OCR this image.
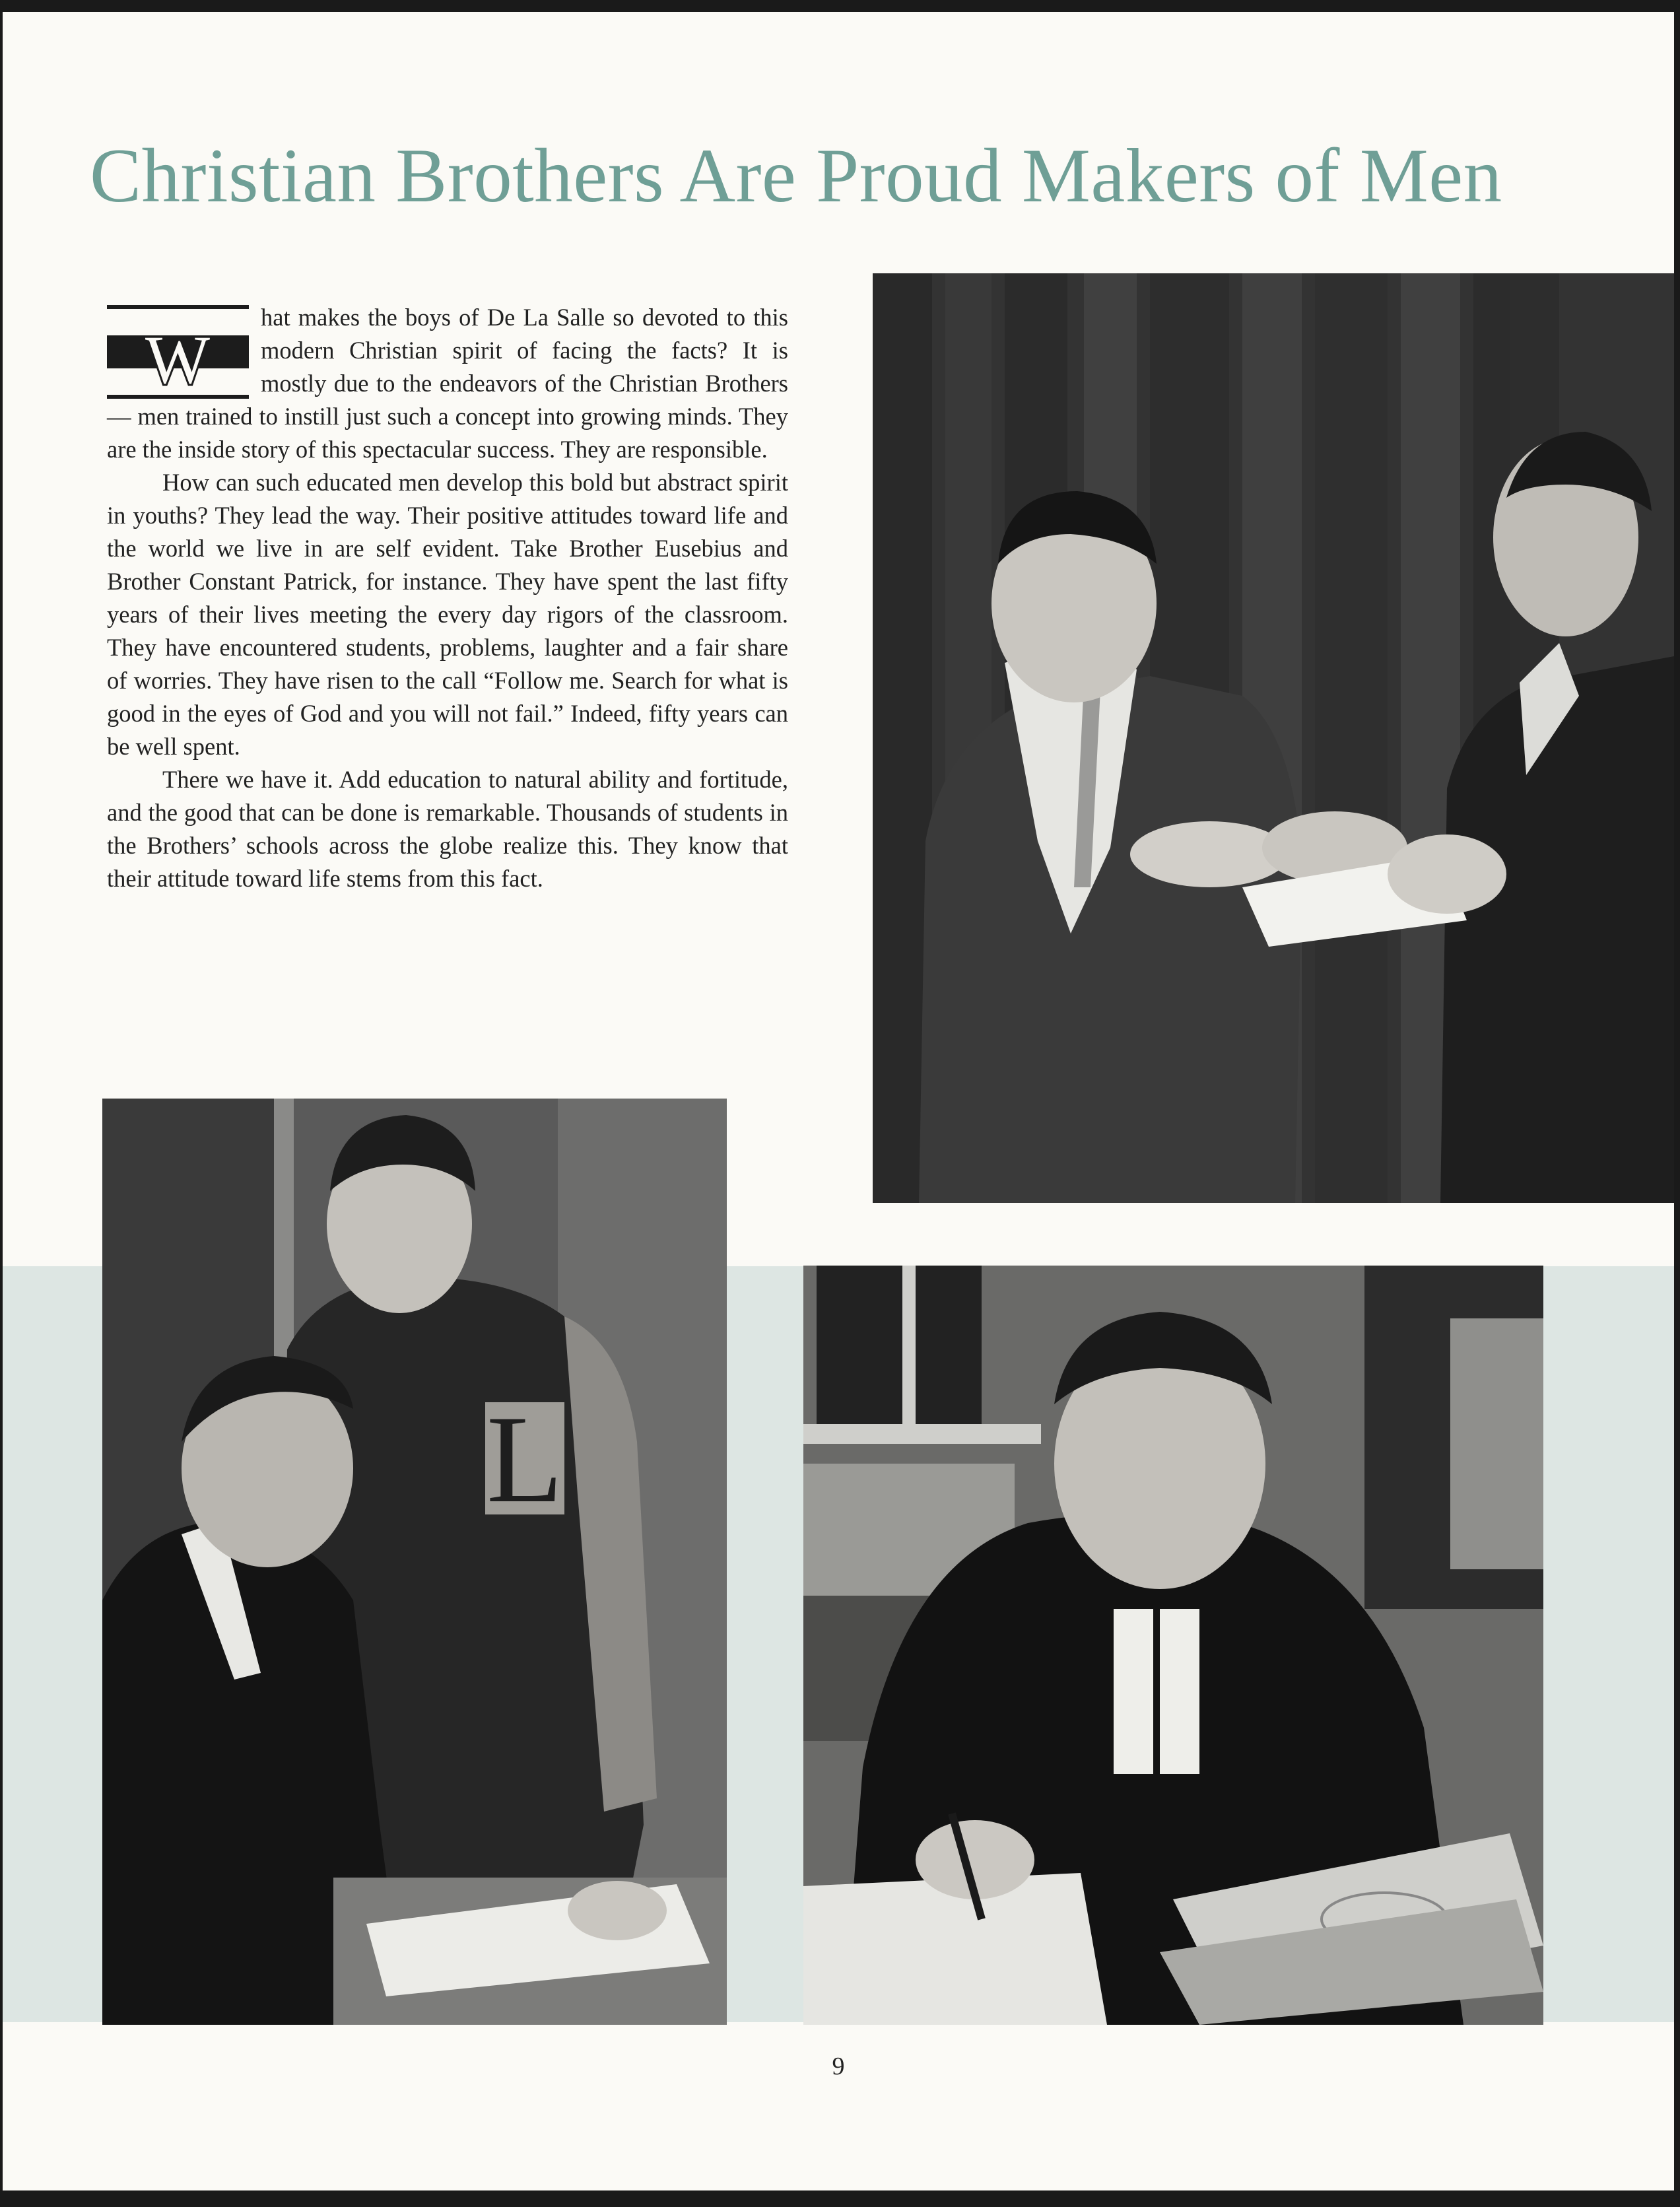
Christian Brothers Are Proud Makers of Men

W
hat makes the boys of De La Salle so devoted to this modern Christian spirit of facing the facts? It is mostly due to the endeavors of the Christian Brothers — men trained to instill just such a concept into growing minds. They are the inside story of this spectacular success. They are responsible.

How can such educated men develop this bold but abstract spirit in youths? They lead the way. Their positive attitudes toward life and the world we live in are self evident. Take Brother Eusebius and Brother Constant Patrick, for instance. They have spent the last fifty years of their lives meeting the every day rigors of the classroom. They have encountered students, problems, laughter and a fair share of worries. They have risen to the call “Follow me. Search for what is good in the eyes of God and you will not fail.” Indeed, fifty years can be well spent.

There we have it. Add education to natural ability and fortitude, and the good that can be done is remarkable. Thousands of students in the Brothers’ schools across the globe realize this. They know that their attitude toward life stems from this fact.

L
9
